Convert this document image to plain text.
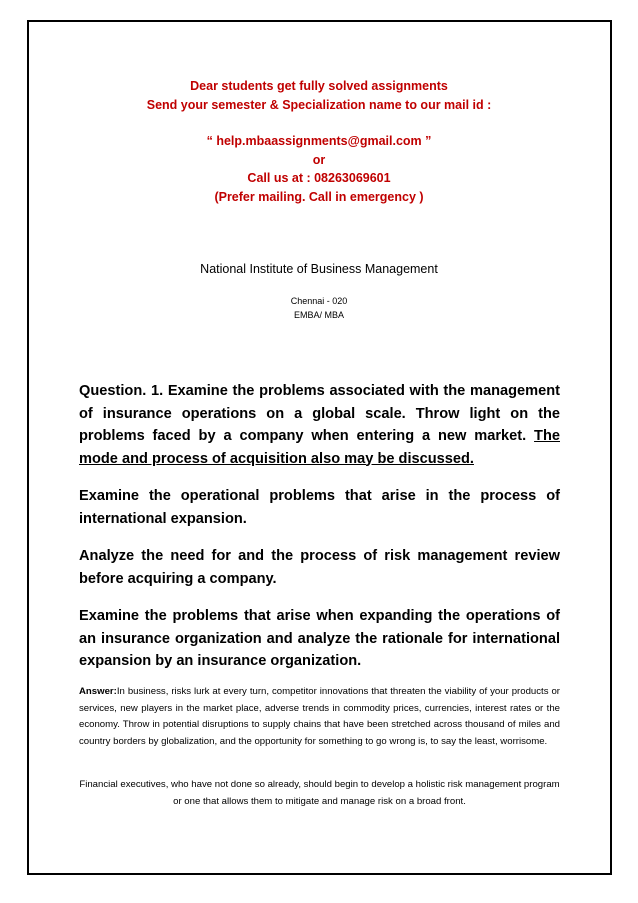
Dear students get fully solved assignments
Send your semester & Specialization name to our mail id :
“ help.mbaassignments@gmail.com ”
or
Call us at : 08263069601
(Prefer mailing. Call in emergency )
National Institute of Business Management
Chennai - 020
EMBA/ MBA

Question. 1. Examine the problems associated with the management of insurance operations on a global scale. Throw light on the problems faced by a company when entering a new market. The mode and process of acquisition also may be discussed.

Examine the operational problems that arise in the process of international expansion.

Analyze the need for and the process of risk management review before acquiring a company.

Examine the problems that arise when expanding the operations of an insurance organization and analyze the rationale for international expansion by an insurance organization.

Answer:In business, risks lurk at every turn, competitor innovations that threaten the viability of your products or services, new players in the market place, adverse trends in commodity prices, currencies, interest rates or the economy. Throw in potential disruptions to supply chains that have been stretched across thousand of miles and country borders by globalization, and the opportunity for something to go wrong is, to say the least, worrisome.
Financial executives, who have not done so already, should begin to develop a holistic risk management program or one that allows them to mitigate and manage risk on a broad front.
